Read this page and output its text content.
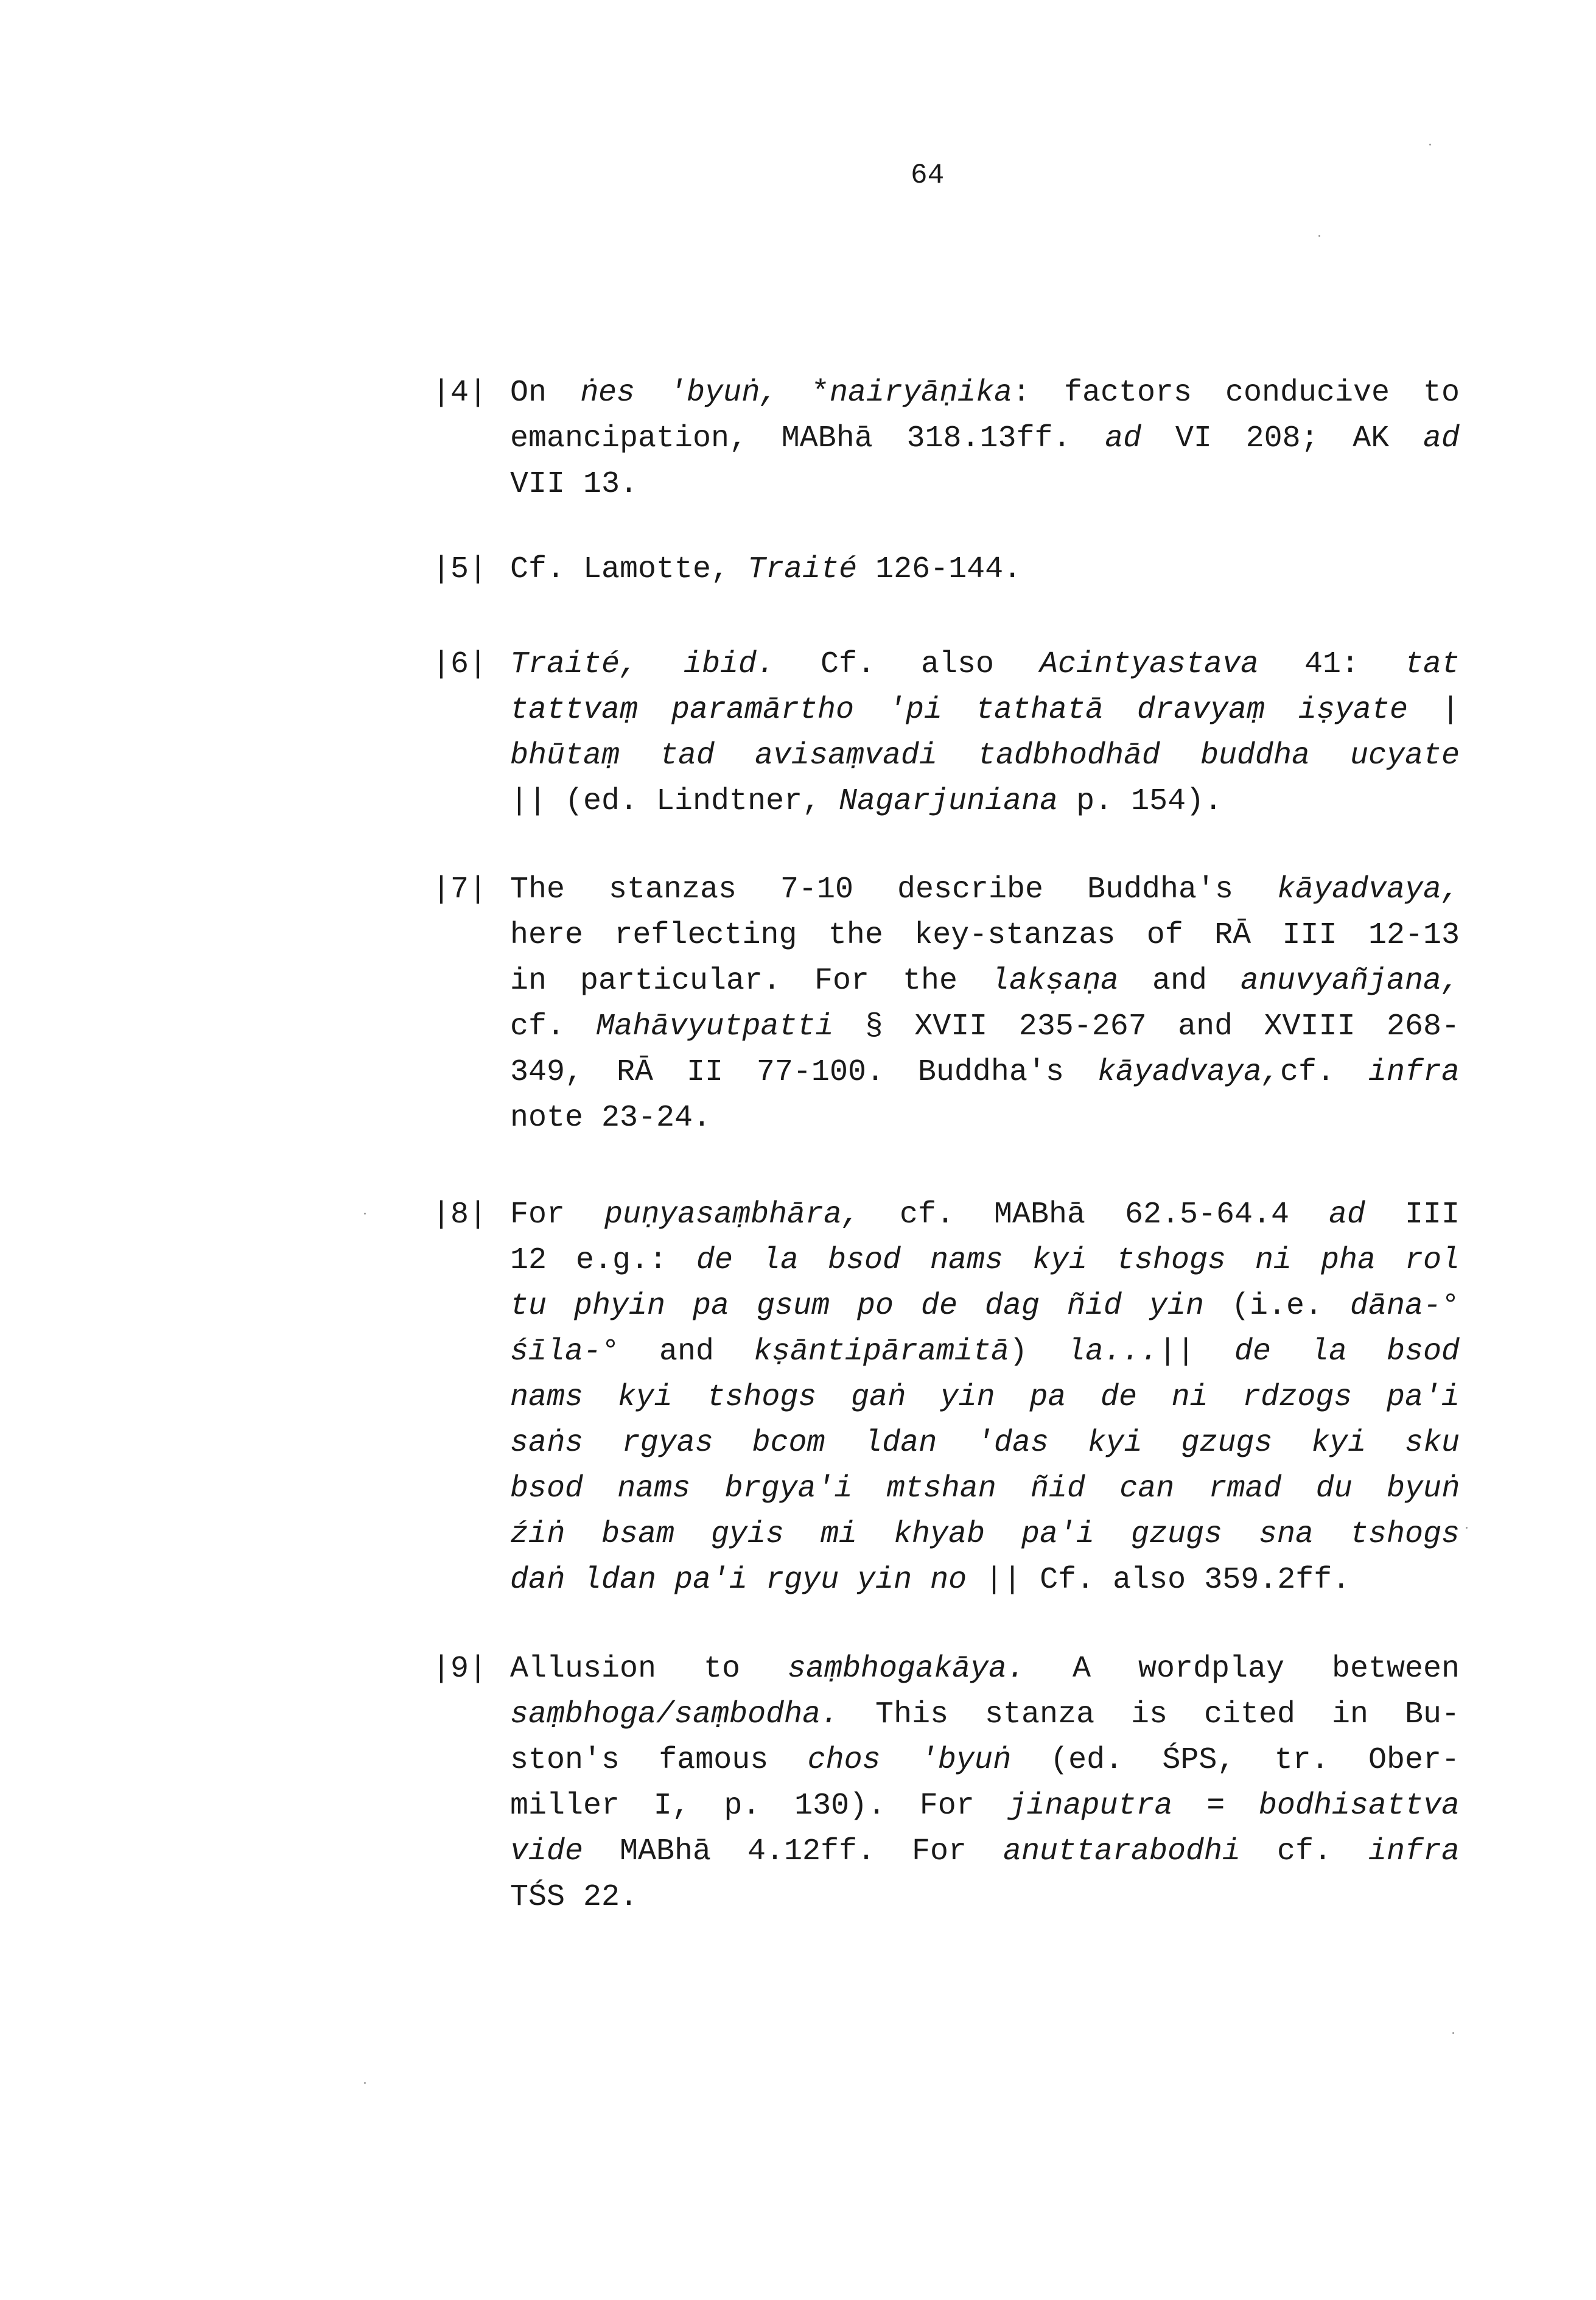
64
|4| On ṅes 'byuṅ, *nairyāṇika: factors conducive to
emancipation, MABhā 318.13ff. ad VI 208; AK ad
VII 13.
|5| Cf. Lamotte, Traité 126-144.
|6| Traité, ibid. Cf. also Acintyastava 41: tat
tattvaṃ paramārtho 'pi tathatā dravyaṃ iṣyate |
bhūtaṃ tad avisaṃvadi tadbhodhād buddha ucyate
|| (ed. Lindtner, Nagarjuniana p. 154).
|7| The stanzas 7-10 describe Buddha's kāyadvaya,
here reflecting the key-stanzas of RĀ III 12-13
in particular. For the lakṣaṇa and anuvyañjana,
cf. Mahāvyutpatti § XVII 235-267 and XVIII 268-
349, RĀ II 77-100. Buddha's kāyadvaya,cf. infra
note 23-24.
|8| For puṇyasaṃbhāra, cf. MABhā 62.5-64.4 ad III
12 e.g.: de la bsod nams kyi tshogs ni pha rol
tu phyin pa gsum po de dag ñid yin (i.e. dāna-°
śīla-° and kṣāntipāramitā) la...|| de la bsod
nams kyi tshogs gaṅ yin pa de ni rdzogs pa'i
saṅs rgyas bcom ldan 'das kyi gzugs kyi sku
bsod nams brgya'i mtshan ñid can rmad du byuṅ
źiṅ bsam gyis mi khyab pa'i gzugs sna tshogs
daṅ ldan pa'i rgyu yin no || Cf. also 359.2ff.
|9| Allusion to saṃbhogakāya. A wordplay between
saṃbhoga/saṃbodha. This stanza is cited in Bu-
ston's famous chos 'byuṅ (ed. ŚPS, tr. Ober-
miller I, p. 130). For jinaputra = bodhisattva
vide MABhā 4.12ff. For anuttarabodhi cf. infra
TŚS 22.
